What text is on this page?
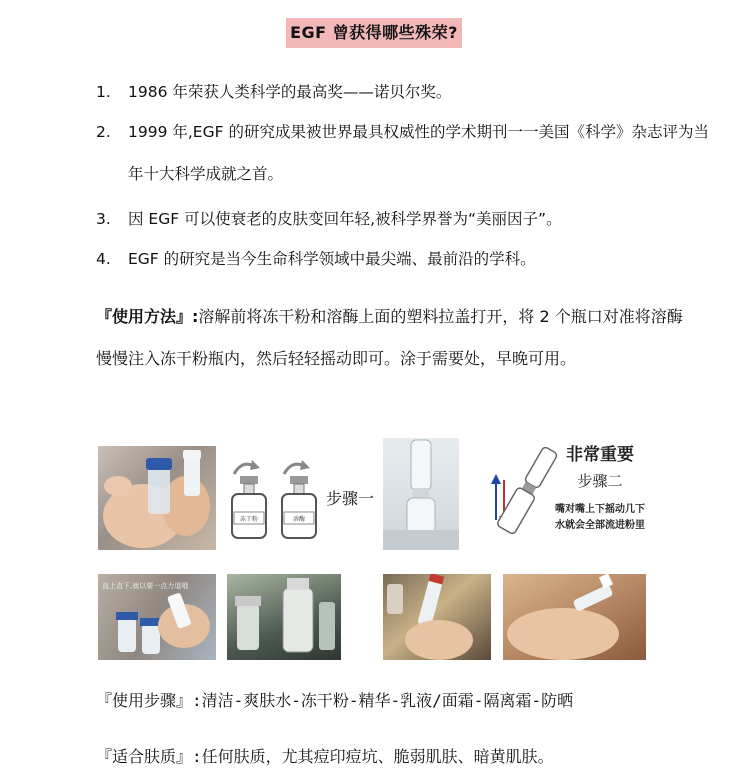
EGF 曾获得哪些殊荣?
1.	1986 年荣获人类科学的最高奖——诺贝尔奖。
2.	1999 年,EGF 的研究成果被世界最具权威性的学术期刊一一美国《科学》杂志评为当年十大科学成就之首。
3.	因 EGF 可以使衰老的皮肤变回年轻,被科学界誉为“美丽因子”。
4.	EGF 的研究是当今生命科学领域中最尖端、最前沿的学科。
『使用方法』:溶解前将冻干粉和溶酶上面的塑料拉盖打开，将 2 个瓶口对准将溶酶慢慢注入冻干粉瓶内，然后轻轻摇动即可。涂于需要处，早晚可用。
冻干粉	溶酶
步骤一
非常重要
步骤二
嘴对嘴上下摇动几下
水就会全部流进粉里
直上直下,就以要一点力道哦
『使用步骤』:清洁-爽肤水-冻干粉-精华-乳液/面霜-隔离霜-防晒
『适合肤质』:任何肤质，尤其痘印痘坑、脆弱肌肤、暗黄肌肤。
